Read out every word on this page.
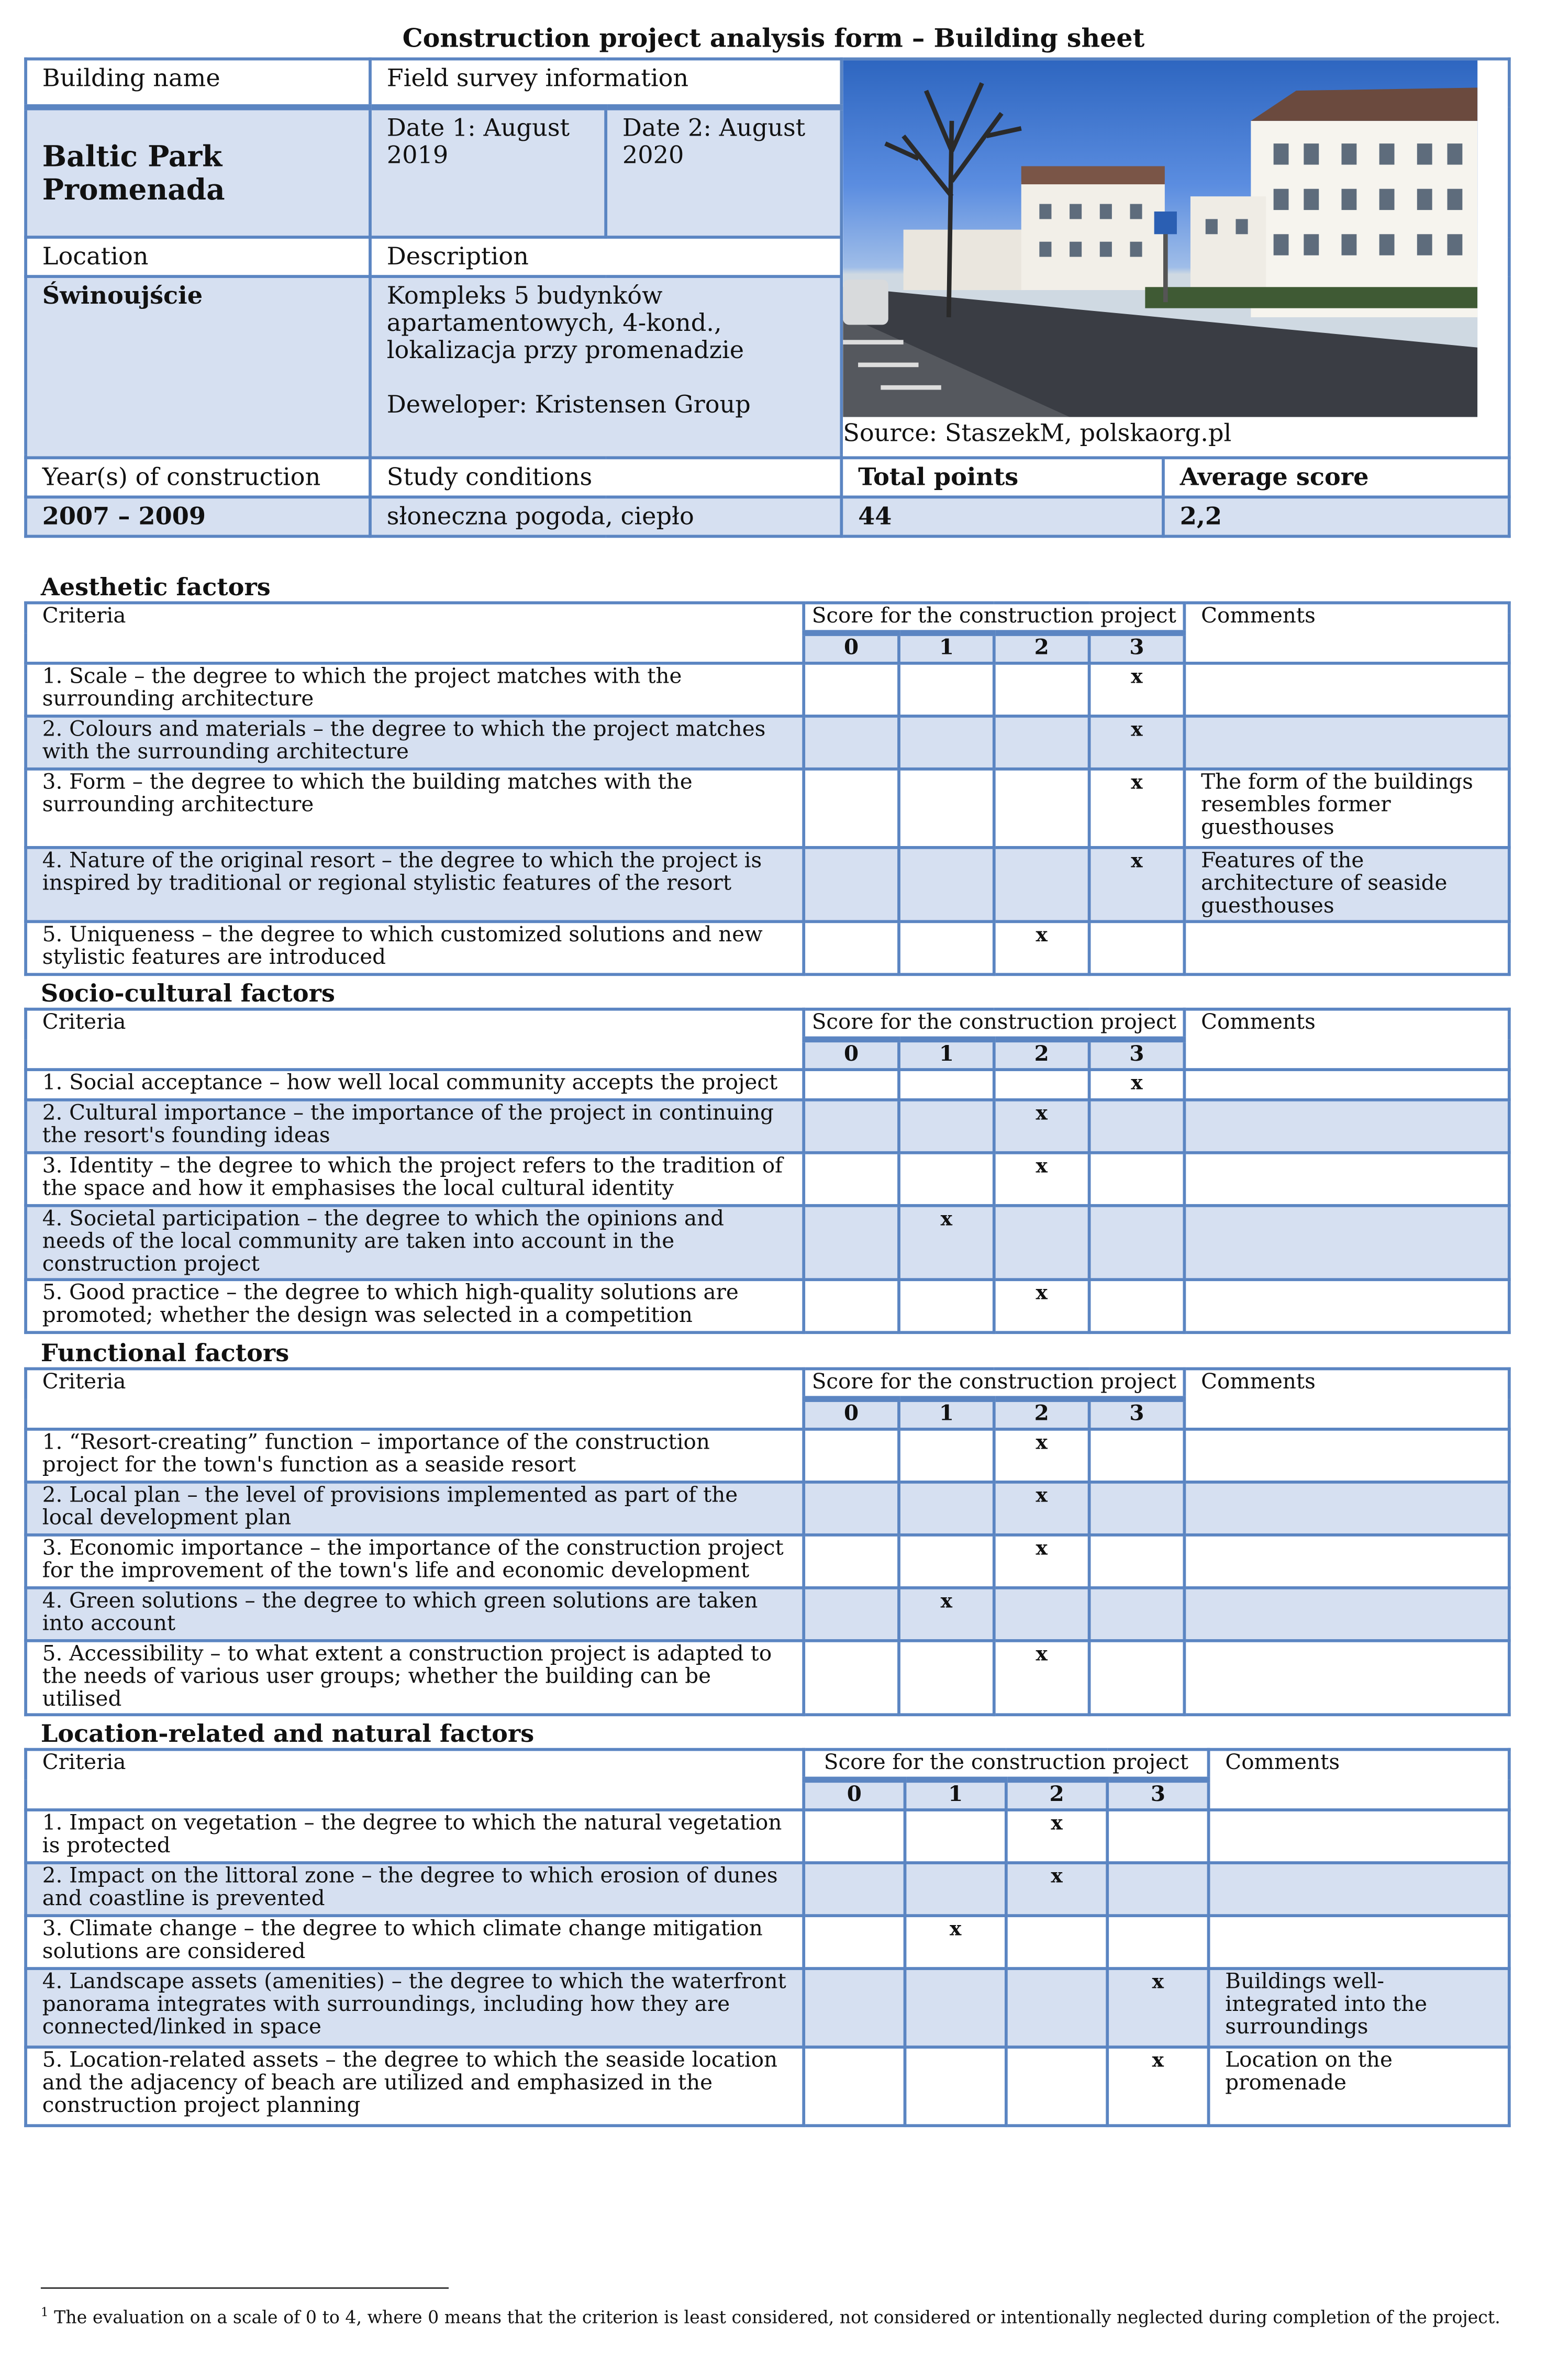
Construction project analysis form – Building sheet
Building name	Field survey information		Source: StaszekM, polskaorg.pl	

Baltic Park Promenada	Date 1: August 2019	Date 2: August 2020		
Location	Description			
Świnoujście	Kompleks 5 budynków apartamentowych, 4-kond., lokalizacja przy promenadzie
Deweloper: Kristensen Group			

Year(s) of construction	Study conditions		Total points	Average score
2007 – 2009	słoneczna pogoda, ciepło		44	2,2
Aesthetic factors
Criteria	Score for the construction project				Comments
	0	1	2	3	
1. Scale – the degree to which the project matches with the surrounding architecture				x	
2. Colours and materials – the degree to which the project matches with the surrounding architecture				x	
3. Form – the degree to which the building matches with the surrounding architecture				x	The form of the buildings resembles former guesthouses
4. Nature of the original resort – the degree to which the project is inspired by traditional or regional stylistic features of the resort				x	Features of the architecture of seaside guesthouses
5. Uniqueness – the degree to which customized solutions and new stylistic features are introduced			x		
Socio-cultural factors
Criteria	Score for the construction project				Comments
	0	1	2	3	
1. Social acceptance – how well local community accepts the project				x	
2. Cultural importance – the importance of the project in continuing the resort's founding ideas			x		
3. Identity – the degree to which the project refers to the tradition of the space and how it emphasises the local cultural identity			x		
4. Societal participation – the degree to which the opinions and needs of the local community are taken into account in the construction project		x			
5. Good practice – the degree to which high-quality solutions are promoted; whether the design was selected in a competition			x		
Functional factors
Criteria	Score for the construction project				Comments
	0	1	2	3	
1. “Resort-creating” function – importance of the construction project for the town's function as a seaside resort			x		
2. Local plan – the level of provisions implemented as part of the local development plan			x		
3. Economic importance – the importance of the construction project for the improvement of the town's life and economic development			x		
4. Green solutions – the degree to which green solutions are taken into account		x			
5. Accessibility – to what extent a construction project is adapted to the needs of various user groups; whether the building can be utilised			x		
Location-related and natural factors
Criteria	Score for the construction project				Comments
	0	1	2	3	
1. Impact on vegetation – the degree to which the natural vegetation is protected			x		
2. Impact on the littoral zone – the degree to which erosion of dunes and coastline is prevented			x		
3. Climate change – the degree to which climate change mitigation solutions are considered		x			
4. Landscape assets (amenities) – the degree to which the waterfront panorama integrates with surroundings, including how they are connected/linked in space				x	Buildings well-integrated into the surroundings
5. Location-related assets – the degree to which the seaside location and the adjacency of beach are utilized and emphasized in the construction project planning				x	Location on the promenade
$^1$ The evaluation on a scale of 0 to 4, where 0 means that the criterion is least considered, not considered or intentionally neglected during completion of the project.
